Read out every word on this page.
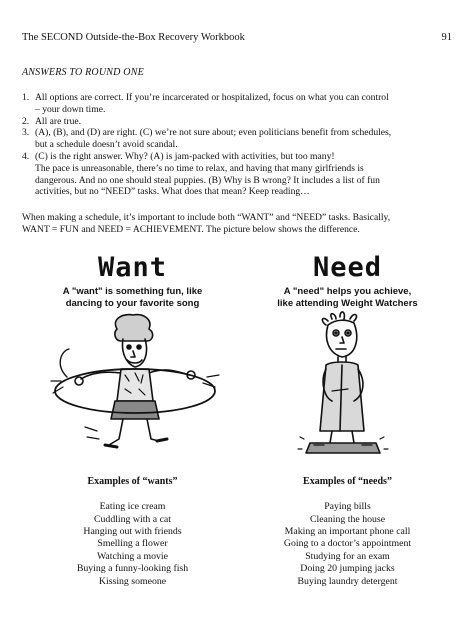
The SECOND Outside-the-Box Recovery Workbook	91
ANSWERS TO ROUND ONE
1. All options are correct. If you’re incarcerated or hospitalized, focus on what you can control
– your down time.
2. All are true.
3. (A), (B), and (D) are right. (C) we’re not sure about; even politicians benefit from schedules,
but a schedule doesn’t avoid scandal.
4. (C) is the right answer. Why? (A) is jam-packed with activities, but too many!
The pace is unreasonable, there’s no time to relax, and having that many girlfriends is
dangerous. And no one should steal puppies. (B) Why is B wrong? It includes a list of fun
activities, but no “NEED” tasks. What does that mean? Keep reading…
When making a schedule, it’s important to include both “WANT” and “NEED” tasks. Basically,
WANT = FUN and NEED = ACHIEVEMENT. The picture below shows the difference.
Want
A "want" is something fun, like
dancing to your favorite song
Examples of “wants”
Eating ice cream
Cuddling with a cat
Hanging out with friends
Smelling a flower
Watching a movie
Buying a funny-looking fish
Kissing someone
Need
A "need" helps you achieve,
like attending Weight Watchers
Examples of “needs”
Paying bills
Cleaning the house
Making an important phone call
Going to a doctor’s appointment
Studying for an exam
Doing 20 jumping jacks
Buying laundry detergent
